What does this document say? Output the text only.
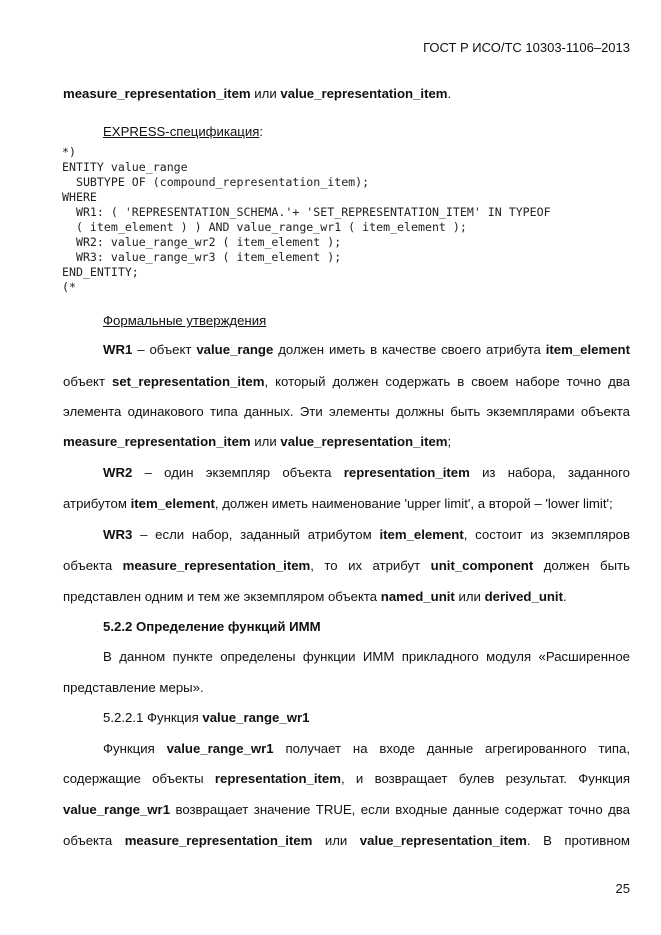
ГОСТ Р ИСО/ТС 10303-1106–2013
measure_representation_item или value_representation_item.
EXPRESS-спецификация:
*)
ENTITY value_range
SUBTYPE OF (compound_representation_item);
WHERE
WR1: ( 'REPRESENTATION_SCHEMA.'+ 'SET_REPRESENTATION_ITEM' IN TYPEOF
( item_element ) ) AND value_range_wr1 ( item_element );
WR2: value_range_wr2 ( item_element );
WR3: value_range_wr3 ( item_element );
END_ENTITY;
(*
Формальные утверждения
WR1 – объект value_range должен иметь в качестве своего атрибута item_element
объект set_representation_item, который должен содержать в своем наборе точно два
элемента одинакового типа данных. Эти элементы должны быть экземплярами объекта
measure_representation_item или value_representation_item;
WR2 – один экземпляр объекта representation_item из набора, заданного
атрибутом item_element, должен иметь наименование 'upper limit', а второй – 'lower limit';
WR3 – если набор, заданный атрибутом item_element, состоит из экземпляров
объекта measure_representation_item, то их атрибут unit_component должен быть
представлен одним и тем же экземпляром объекта named_unit или derived_unit.
5.2.2 Определение функций ИММ
В данном пункте определены функции ИММ прикладного модуля «Расширенное
представление меры».
5.2.2.1 Функция value_range_wr1
Функция value_range_wr1 получает на входе данные агрегированного типа,
содержащие объекты representation_item, и возвращает булев результат. Функция
value_range_wr1 возвращает значение TRUE, если входные данные содержат точно два
объекта measure_representation_item или value_representation_item. В противном
25
